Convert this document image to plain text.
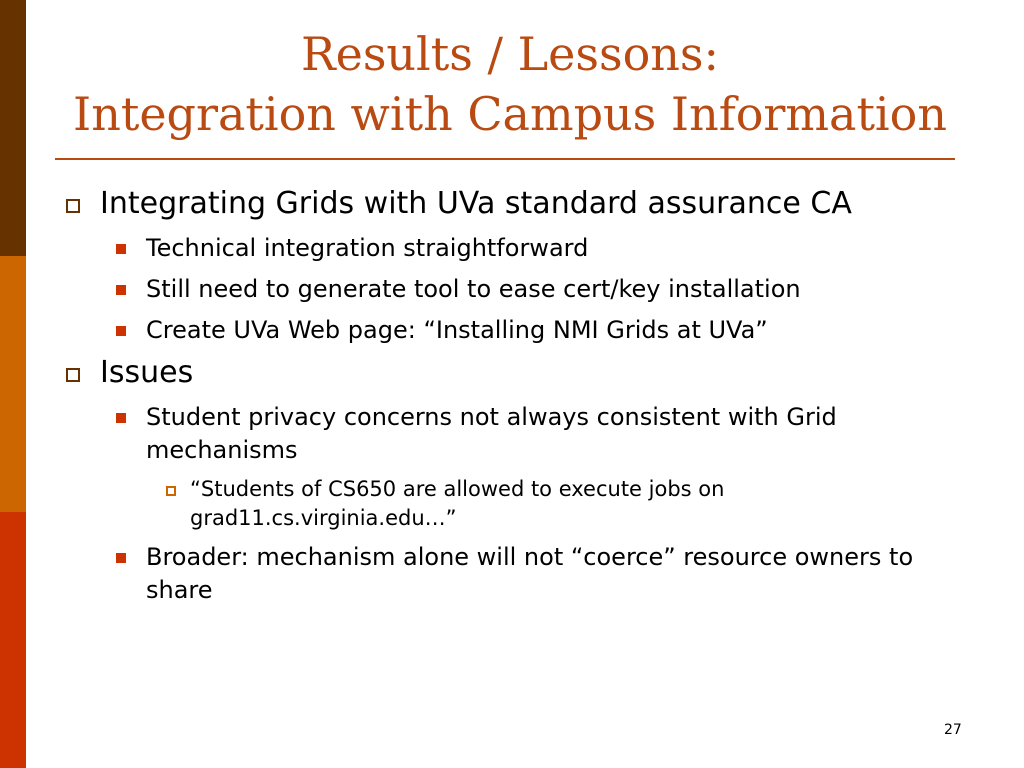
Results / Lessons:
Integration with Campus Information
Integrating Grids with UVa standard assurance CA
Technical integration straightforward
Still need to generate tool to ease cert/key installation
Create UVa Web page: “Installing NMI Grids at UVa”
Issues
Student privacy concerns not always consistent with Grid mechanisms
“Students of CS650 are allowed to execute jobs on grad11.cs.virginia.edu…”
Broader: mechanism alone will not “coerce” resource owners to share
27
